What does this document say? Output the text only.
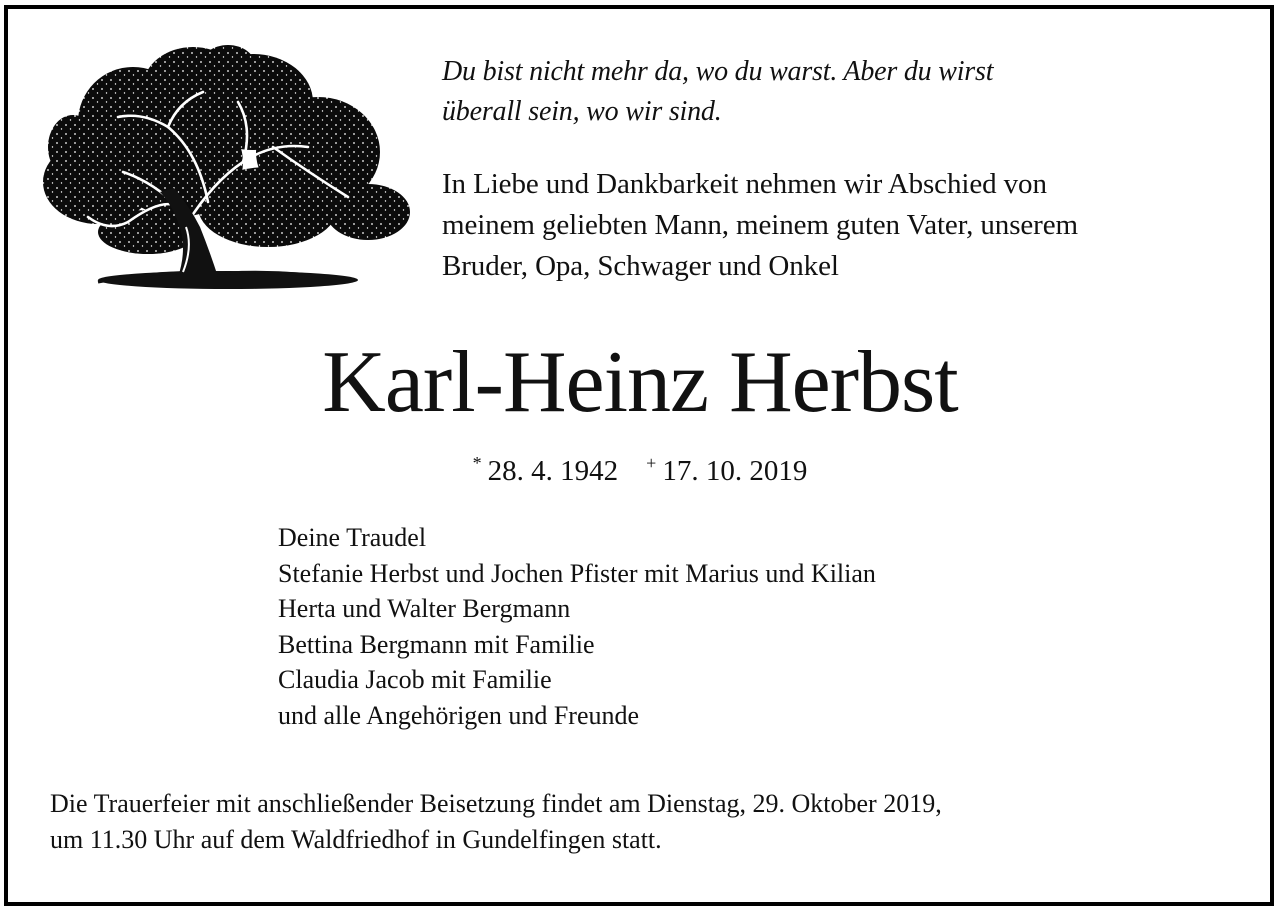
Du bist nicht mehr da, wo du warst. Aber du wirst
überall sein, wo wir sind.
In Liebe und Dankbarkeit nehmen wir Abschied von
meinem geliebten Mann, meinem guten Vater, unserem
Bruder, Opa, Schwager und Onkel
Karl-Heinz Herbst
* 28. 4. 1942 + 17. 10. 2019
Deine Traudel
Stefanie Herbst und Jochen Pfister mit Marius und Kilian
Herta und Walter Bergmann
Bettina Bergmann mit Familie
Claudia Jacob mit Familie
und alle Angehörigen und Freunde
Die Trauerfeier mit anschließender Beisetzung findet am Dienstag, 29. Oktober 2019,
um 11.30 Uhr auf dem Waldfriedhof in Gundelfingen statt.
